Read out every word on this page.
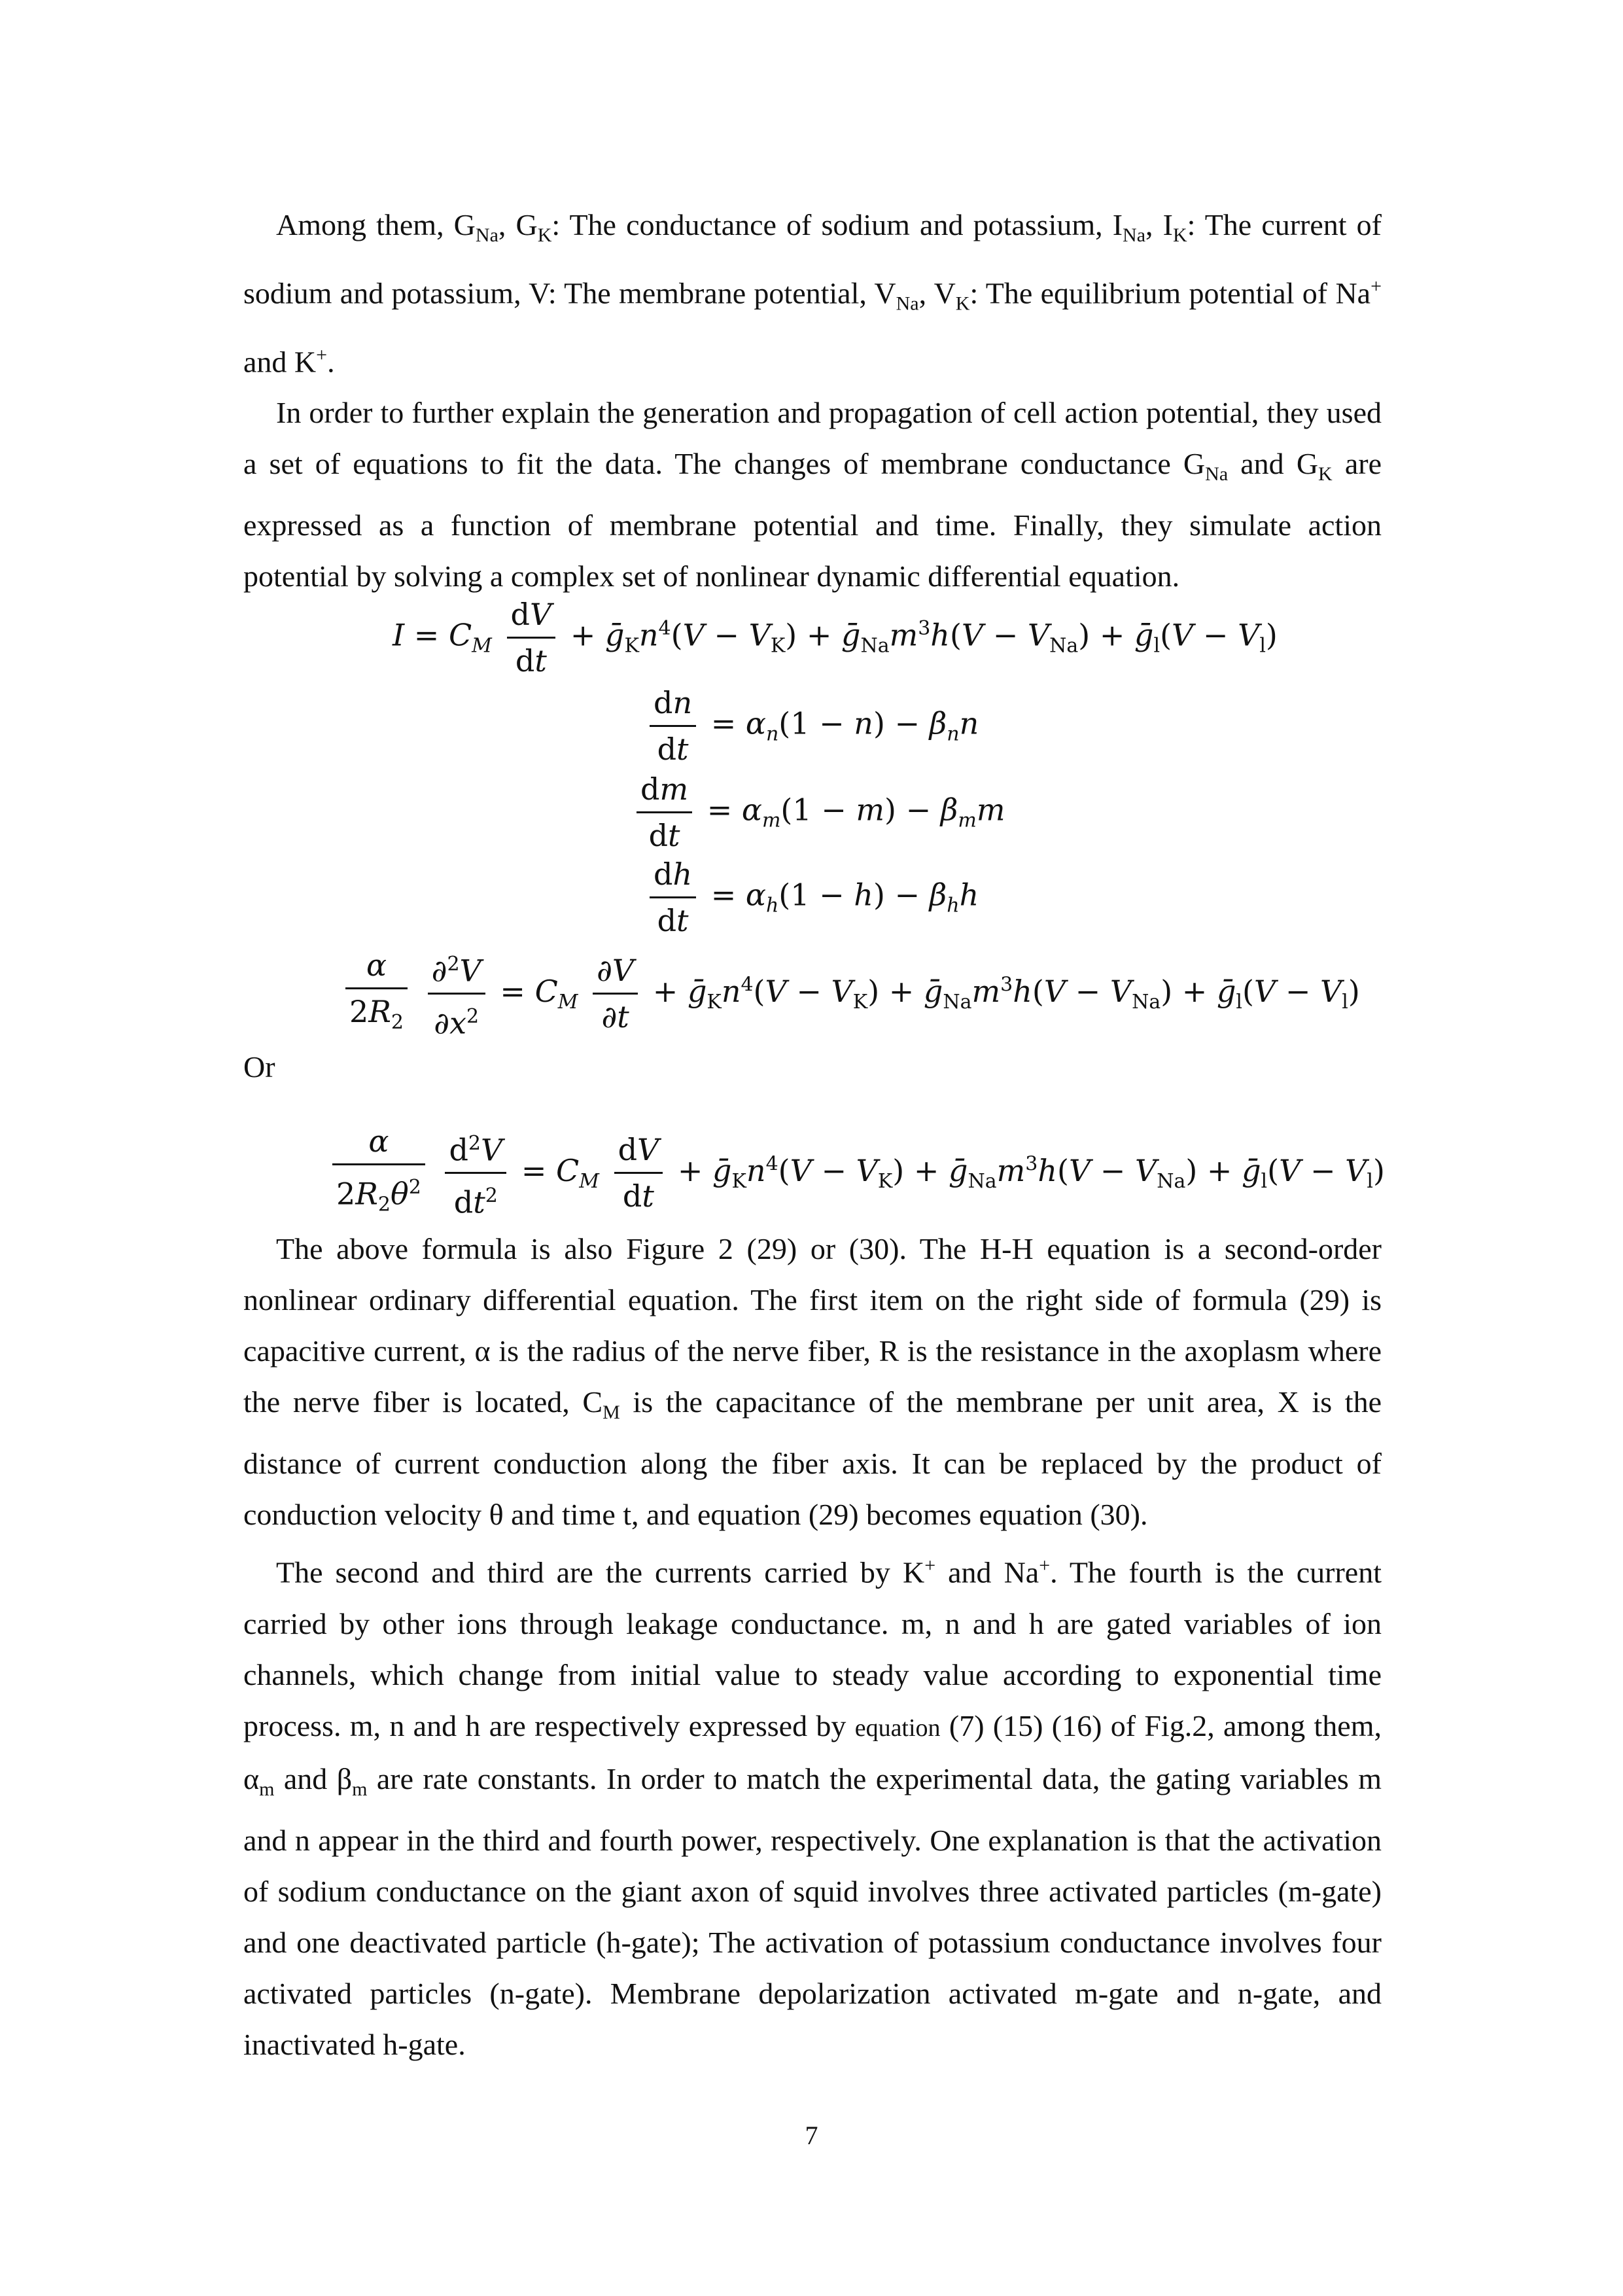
Among them, $G_{Na}$, $G_K$: The conductance of sodium and potassium, $I_{Na}$, $I_K$: The current of sodium and potassium, V: The membrane potential, $V_{Na}$, $V_K$: The equilibrium potential of Na+ and K+.

In order to further explain the generation and propagation of cell action potential, they used a set of equations to fit the data. The changes of membrane conductance $G_{Na}$ and $G_K$ are expressed as a function of membrane potential and time. Finally, they simulate action potential by solving a complex set of nonlinear dynamic differential equation.

$I = C_M \frac{dV}{dt}$ + $ḡ_Kn^4(V - V_K)$ + $ḡ_{Na}m^3h(V - V_{Na})$ + ḡ$_l$(V − $V_l$)
$\frac{dn}{dt} = \alpha_n(1 - n) - \beta_nn$
$\frac{dm}{dt} = \alpha_m(1 - m) - \beta_mm$
$\frac{dh}{dt} = \alpha_h(1 - h) - \beta_hh$
$\frac{\alpha}{2R_2}$
$\frac{\partial^2V}{\partial x^2} = C_M \frac{\partial V}{\partial t}$ + $ḡ_Kn^4(V - V_K)$ + $ḡ_{Na}m^3h(V - V_{Na})$ + ḡ$_l$(V − $V_l$)
Or
$\frac{\alpha}{2R_2\theta^2}$
$\frac{d^2V}{dt^2} = C_M \frac{dV}{dt}$ + $ḡ_Kn^4(V - V_K)$ + $ḡ_{Na}m^3h(V - V_{Na})$ + ḡ$_l$(V − $V_l$)

The above formula is also Figure 2 (29) or (30). The H-H equation is a second-order nonlinear ordinary differential equation. The first item on the right side of formula (29) is capacitive current, α is the radius of the nerve fiber, R is the resistance in the axoplasm where the nerve fiber is located, $C_M$ is the capacitance of the membrane per unit area, X is the distance of current conduction along the fiber axis. It can be replaced by the product of conduction velocity θ and time t, and equation (29) becomes equation (30).

The second and third are the currents carried by K+ and Na+. The fourth is the current carried by other ions through leakage conductance. m, n and h are gated variables of ion channels, which change from initial value to steady value according to exponential time process. m, n and h are respectively expressed by equation (7) (15) (16) of Fig.2, among them, $\alpha_m$ and $\beta_m$ are rate constants. In order to match the experimental data, the gating variables m and n appear in the third and fourth power, respectively. One explanation is that the activation of sodium conductance on the giant axon of squid involves three activated particles (m-gate) and one deactivated particle (h-gate); The activation of potassium conductance involves four activated particles (n-gate). Membrane depolarization activated m-gate and n-gate, and inactivated h-gate.

7
